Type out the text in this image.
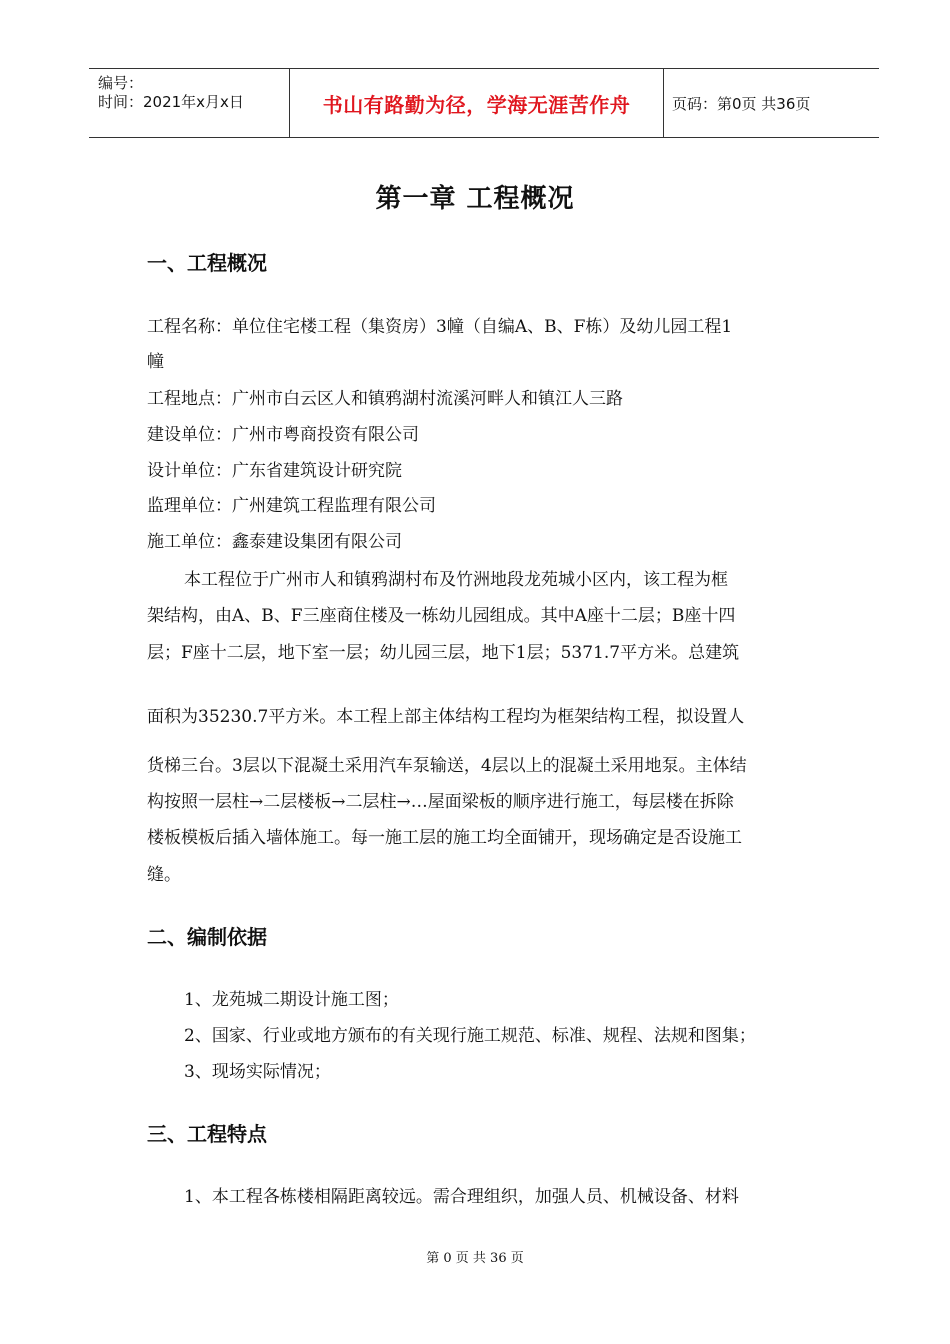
编号：
时间：2021年x月x日	书山有路勤为径，学海无涯苦作舟	页码：第0页 共36页
第一章 工程概况
一、工程概况
工程名称：单位住宅楼工程（集资房）3幢（自编A、B、F栋）及幼儿园工程1
幢
工程地点：广州市白云区人和镇鸦湖村流溪河畔人和镇江人三路
建设单位：广州市粤商投资有限公司
设计单位：广东省建筑设计研究院
监理单位：广州建筑工程监理有限公司
施工单位：鑫泰建设集团有限公司
本工程位于广州市人和镇鸦湖村布及竹洲地段龙苑城小区内，该工程为框
架结构，由A、B、F三座商住楼及一栋幼儿园组成。其中A座十二层；B座十四
层；F座十二层，地下室一层；幼儿园三层，地下1层；5371.7平方米。总建筑
面积为35230.7平方米。本工程上部主体结构工程均为框架结构工程，拟设置人
货梯三台。3层以下混凝土采用汽车泵输送，4层以上的混凝土采用地泵。主体结
构按照一层柱→二层楼板→二层柱→…屋面梁板的顺序进行施工，每层楼在拆除
楼板模板后插入墙体施工。每一施工层的施工均全面铺开，现场确定是否设施工
缝。
二、编制依据
1、龙苑城二期设计施工图；
2、国家、行业或地方颁布的有关现行施工规范、标准、规程、法规和图集；
3、现场实际情况；
三、工程特点
1、本工程各栋楼相隔距离较远。需合理组织，加强人员、机械设备、材料
第 0 页 共 36 页
